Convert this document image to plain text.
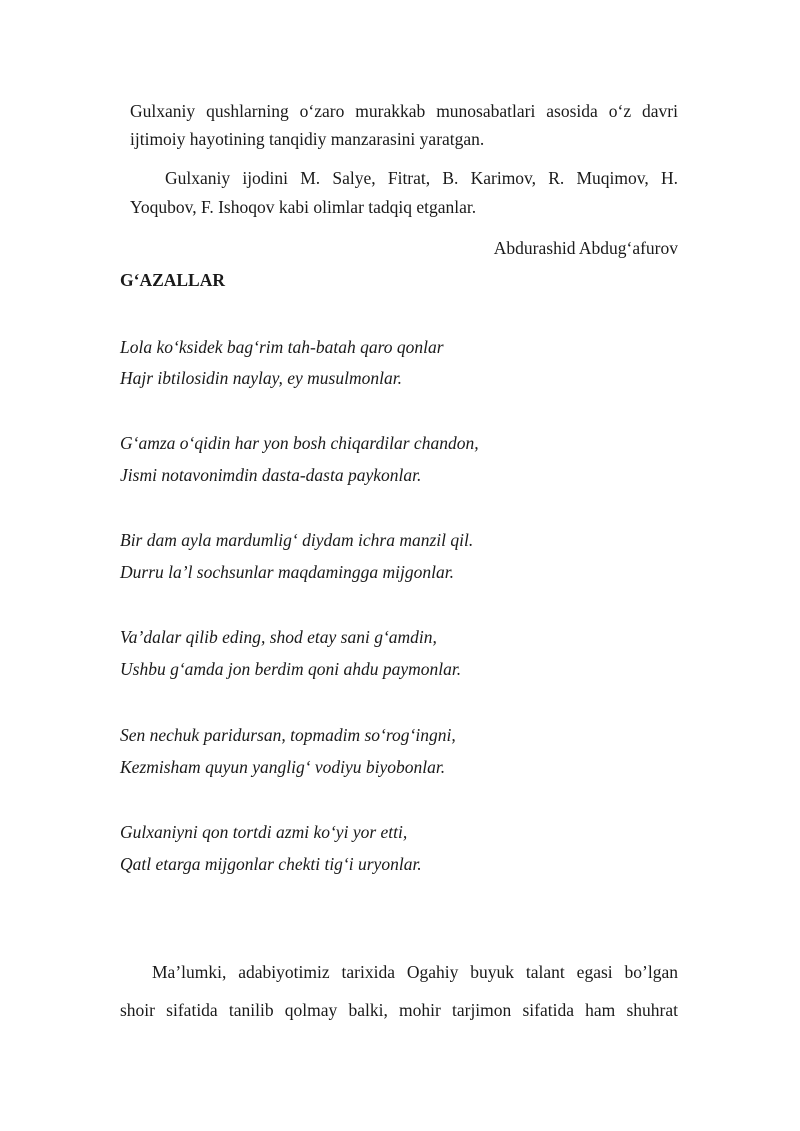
Gulxaniy qushlarning o‘zaro murakkab munosabatlari asosida o‘z davri
ijtimoiy hayotining tanqidiy manzarasini yaratgan.
Gulxaniy ijodini M. Salye, Fitrat, B. Karimov, R. Muqimov, H.
Yoqubov, F. Ishoqov kabi olimlar tadqiq etganlar.
Abdurashid Abdug‘afurov
G‘AZALLAR
Lola ko‘ksidek bag‘rim tah-batah qaro qonlar
Hajr ibtilosidin naylay, ey musulmonlar.
G‘amza o‘qidin har yon bosh chiqardilar chandon,
Jismi notavonimdin dasta-dasta paykonlar.
Bir dam ayla mardumlig‘ diydam ichra manzil qil.
Durru la’l sochsunlar maqdamingga mijgonlar.
Va’dalar qilib eding, shod etay sani g‘amdin,
Ushbu g‘amda jon berdim qoni ahdu paymonlar.
Sen nechuk paridursan, topmadim so‘rog‘ingni,
Kezmisham quyun yanglig‘ vodiyu biyobonlar.
Gulxaniyni qon tortdi azmi ko‘yi yor etti,
Qatl etarga mijgonlar chekti tig‘i uryonlar.
Ma’lumki, adabiyotimiz tarixida Ogahiy buyuk talant egasi bo’lgan
shoir sifatida tanilib qolmay balki, mohir tarjimon sifatida ham shuhrat
